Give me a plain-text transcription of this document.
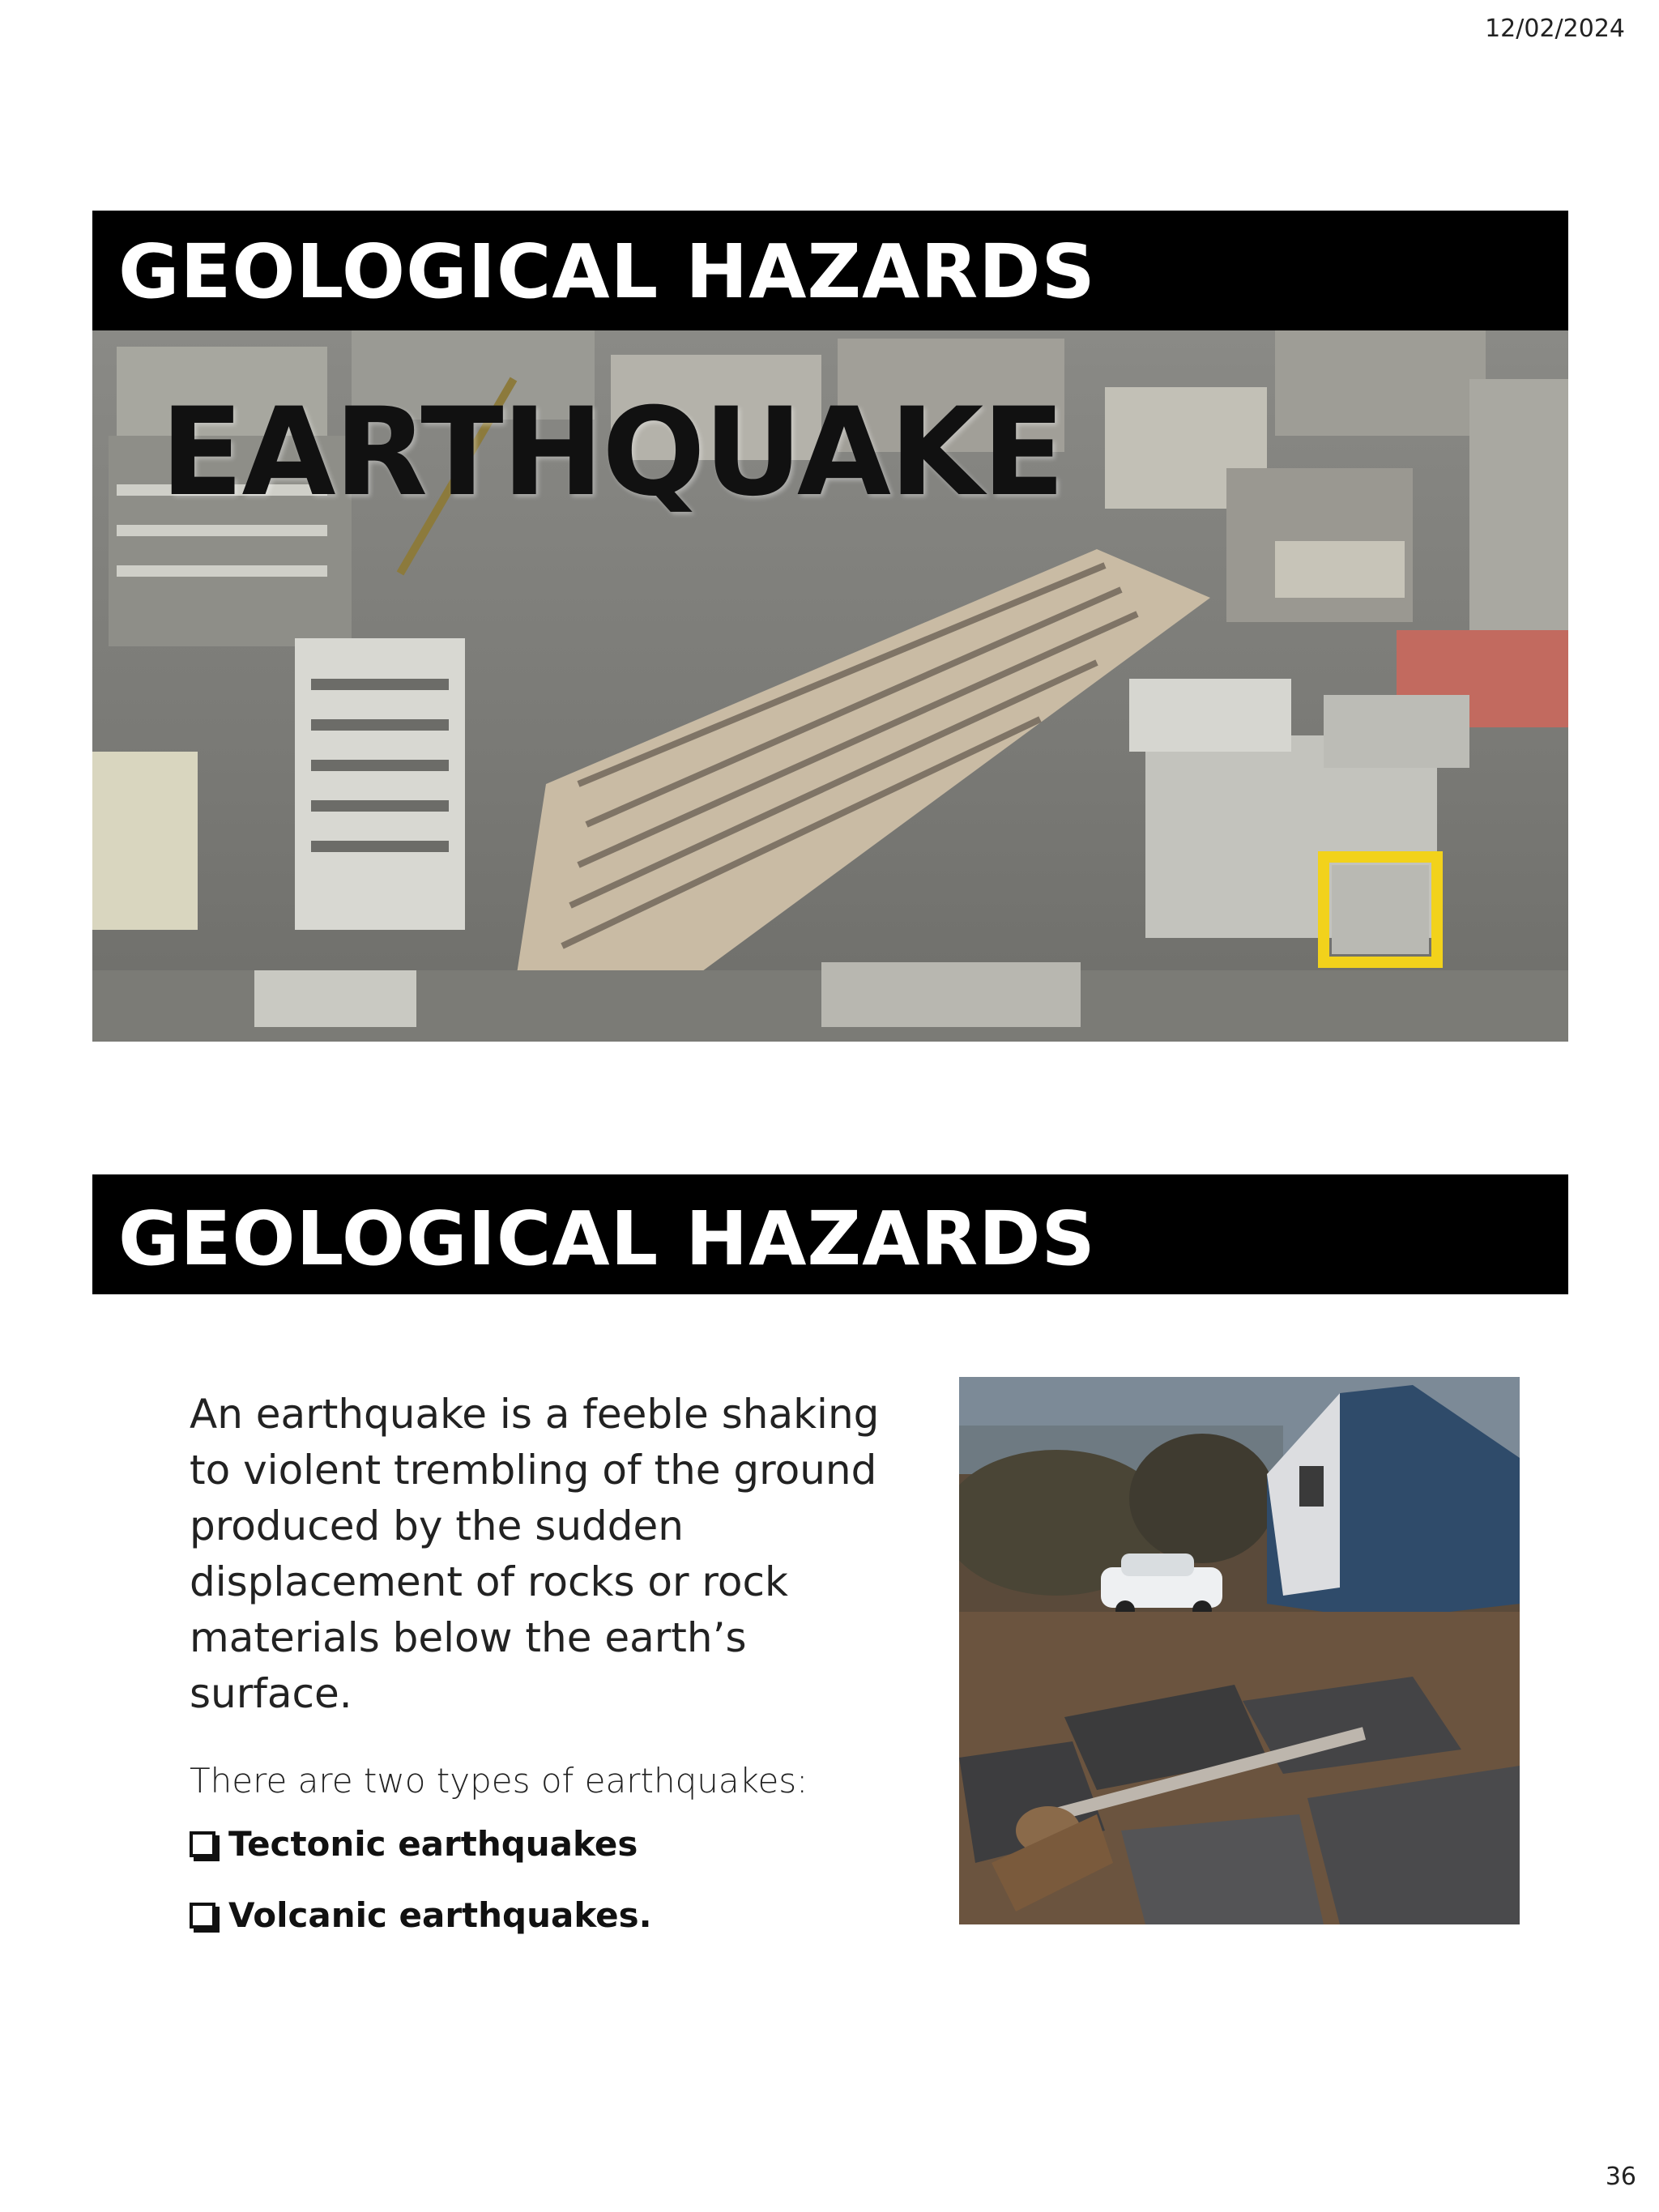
12/02/2024
GEOLOGICAL HAZARDS
EARTHQUAKE
GEOLOGICAL HAZARDS
An earthquake is a feeble shaking to violent trembling of the ground produced by the sudden displacement of rocks or rock materials below the earth’s surface.
There are two types of earthquakes:
Tectonic earthquakes
Volcanic earthquakes.
36
